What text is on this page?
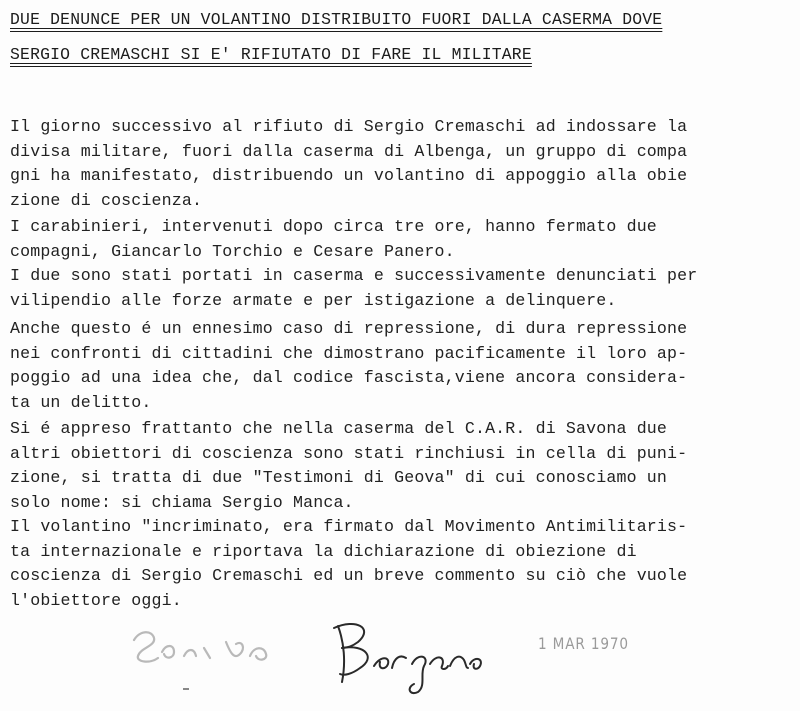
DUE DENUNCE PER UN VOLANTINO DISTRIBUITO FUORI DALLA CASERMA DOVE
SERGIO CREMASCHI SI E' RIFIUTATO DI FARE IL MILITARE
Il giorno successivo al rifiuto di Sergio Cremaschi ad indossare la
divisa militare, fuori dalla caserma di Albenga, un gruppo di compa
gni ha manifestato, distribuendo un volantino di appoggio alla obie
zione di coscienza.
I carabinieri, intervenuti dopo circa tre ore, hanno fermato due
compagni, Giancarlo Torchio e Cesare Panero.
I due sono stati portati in caserma e successivamente denunciati per
vilipendio alle forze armate e per istigazione a delinquere.
Anche questo é un ennesimo caso di repressione, di dura repressione
nei confronti di cittadini che dimostrano pacificamente il loro ap-
poggio ad una idea che, dal codice fascista,viene ancora considera-
ta un delitto.
Si é appreso frattanto che nella caserma del C.A.R. di Savona due
altri obiettori di coscienza sono stati rinchiusi in cella di puni-
zione, si tratta di due "Testimoni di Geova" di cui conosciamo un
solo nome: si chiama Sergio Manca.
Il volantino "incriminato, era firmato dal Movimento Antimilitaris-
ta internazionale e riportava la dichiarazione di obiezione di
coscienza di Sergio Cremaschi ed un breve commento su ciò che vuole
l'obiettore oggi.
1 MAR 1970
